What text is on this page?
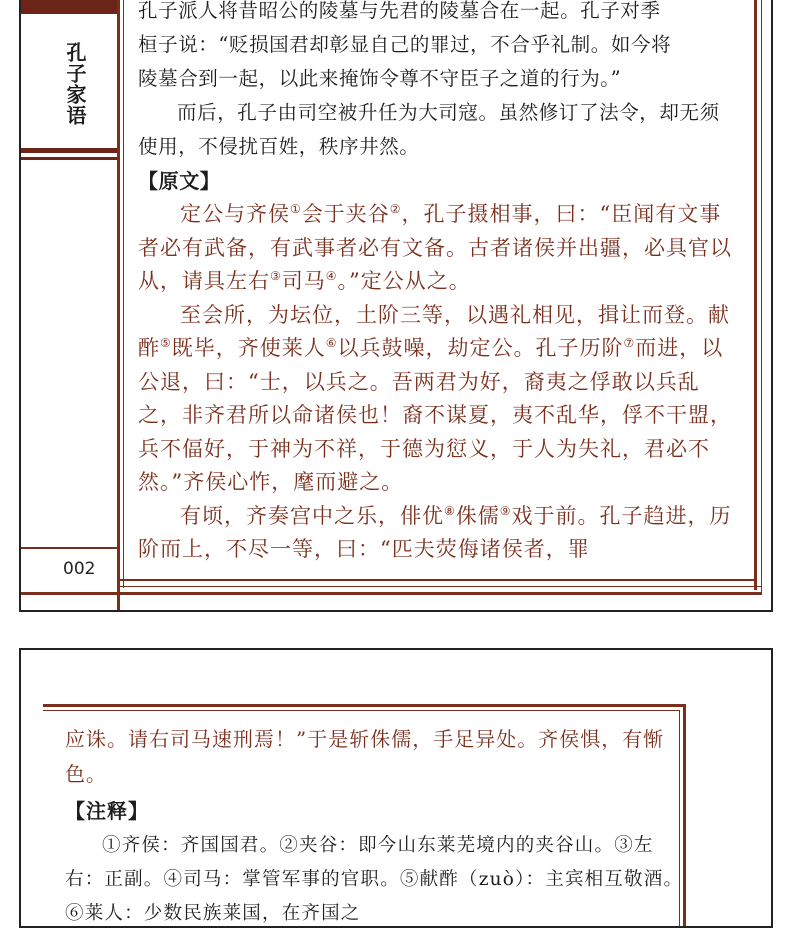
孔子家语
002

孔子派人将昔昭公的陵墓与先君的陵墓合在一起。孔子对季

桓子说：“贬损国君却彰显自己的罪过，不合乎礼制。如今将

陵墓合到一起，以此来掩饰令尊不守臣子之道的行为。”

而后，孔子由司空被升任为大司寇。虽然修订了法令，却无须使用，不侵扰百姓，秩序井然。

【原文】

定公与齐侯①会于夹谷②，孔子摄相事，曰：“臣闻有文事者必有武备，有武事者必有文备。古者诸侯并出疆，必具官以从，请具左右③司马④。”定公从之。

至会所，为坛位，土阶三等，以遇礼相见，揖让而登。献酢⑤既毕，齐使莱人⑥以兵鼓噪，劫定公。孔子历阶⑦而进，以公退，曰：“士，以兵之。吾两君为好，裔夷之俘敢以兵乱之，非齐君所以命诸侯也！裔不谋夏，夷不乱华，俘不干盟，兵不偪好，于神为不祥，于德为愆义，于人为失礼，君必不然。”齐侯心怍，麾而避之。

有顷，齐奏宫中之乐，俳优⑧侏儒⑨戏于前。孔子趋进，历阶而上，不尽一等，曰：“匹夫荧侮诸侯者，罪

应诛。请右司马速刑焉！”于是斩侏儒，手足异处。齐侯惧，有惭色。

【注释】

①齐侯：齐国国君。②夹谷：即今山东莱芜境内的夹谷山。③左右：正副。④司马：掌管军事的官职。⑤献酢（zuò）：主宾相互敬酒。⑥莱人：少数民族莱国，在齐国之
